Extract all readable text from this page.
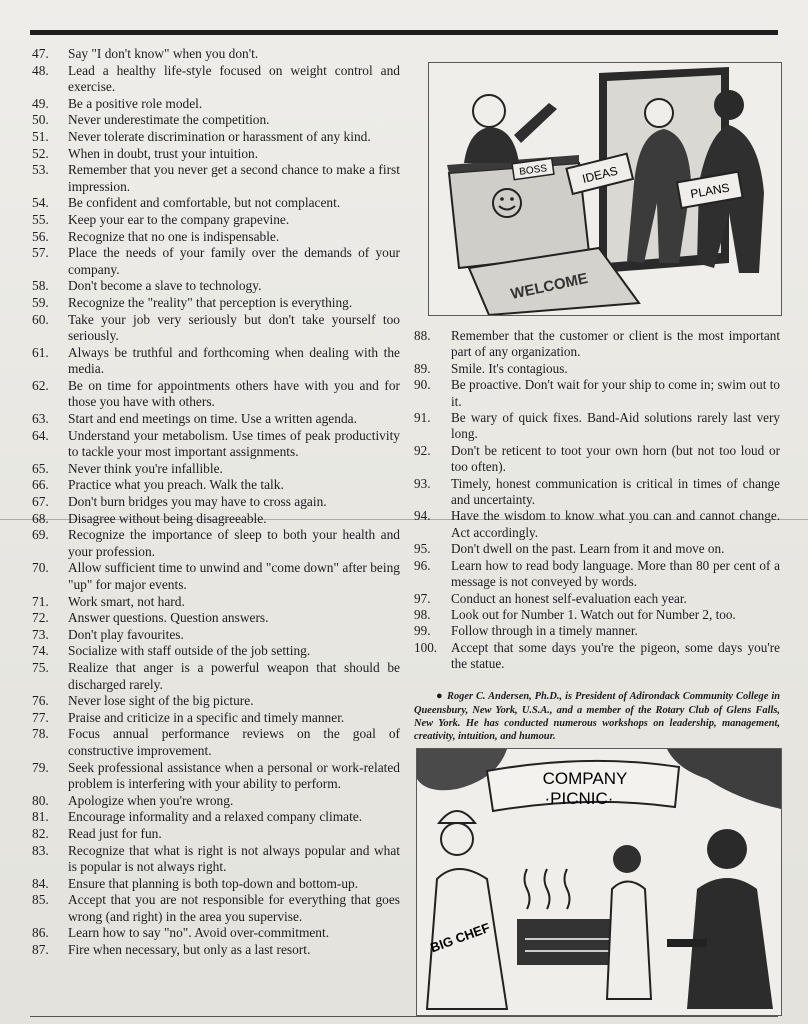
47.	Say "I don't know" when you don't.
48.	Lead a healthy life-style focused on weight control and exercise.
49.	Be a positive role model.
50.	Never underestimate the competition.
51.	Never tolerate discrimination or harassment of any kind.
52.	When in doubt, trust your intuition.
53.	Remember that you never get a second chance to make a first impression.
54.	Be confident and comfortable, but not complacent.
55.	Keep your ear to the company grapevine.
56.	Recognize that no one is indispensable.
57.	Place the needs of your family over the demands of your company.
58.	Don't become a slave to technology.
59.	Recognize the "reality" that perception is everything.
60.	Take your job very seriously but don't take yourself too seriously.
61.	Always be truthful and forthcoming when dealing with the media.
62.	Be on time for appointments others have with you and for those you have with others.
63.	Start and end meetings on time. Use a written agenda.
64.	Understand your metabolism. Use times of peak productivity to tackle your most important assignments.
65.	Never think you're infallible.
66.	Practice what you preach. Walk the talk.
67.	Don't burn bridges you may have to cross again.
68.	Disagree without being disagreeable.
69.	Recognize the importance of sleep to both your health and your profession.
70.	Allow sufficient time to unwind and "come down" after being "up" for major events.
71.	Work smart, not hard.
72.	Answer questions. Question answers.
73.	Don't play favourites.
74.	Socialize with staff outside of the job setting.
75.	Realize that anger is a powerful weapon that should be discharged rarely.
76.	Never lose sight of the big picture.
77.	Praise and criticize in a specific and timely manner.
78.	Focus annual performance reviews on the goal of constructive improvement.
79.	Seek professional assistance when a personal or work-related problem is interfering with your ability to perform.
80.	Apologize when you're wrong.
81.	Encourage informality and a relaxed company climate.
82.	Read just for fun.
83.	Recognize that what is right is not always popular and what is popular is not always right.
84.	Ensure that planning is both top-down and bottom-up.
85.	Accept that you are not responsible for everything that goes wrong (and right) in the area you supervise.
86.	Learn how to say "no". Avoid over-commitment.
87.	Fire when necessary, but only as a last resort.
BOSS
WELCOME
IDEAS
PLANS
88.	Remember that the customer or client is the most important part of any organization.
89.	Smile. It's contagious.
90.	Be proactive. Don't wait for your ship to come in; swim out to it.
91.	Be wary of quick fixes. Band-Aid solutions rarely last very long.
92.	Don't be reticent to toot your own horn (but not too loud or too often).
93.	Timely, honest communication is critical in times of change and uncertainty.
94.	Have the wisdom to know what you can and cannot change. Act accordingly.
95.	Don't dwell on the past. Learn from it and move on.
96.	Learn how to read body language. More than 80 per cent of a message is not conveyed by words.
97.	Conduct an honest self-evaluation each year.
98.	Look out for Number 1. Watch out for Number 2, too.
99.	Follow through in a timely manner.
100.	Accept that some days you're the pigeon, some days you're the statue.

● Roger C. Andersen, Ph.D., is President of Adirondack Community College in Queensbury, New York, U.S.A., and a member of the Rotary Club of Glens Falls, New York. He has conducted numerous workshops on leadership, management, creativity, intuition, and humour.

COMPANY
·PICNIC·
BIG CHEF
